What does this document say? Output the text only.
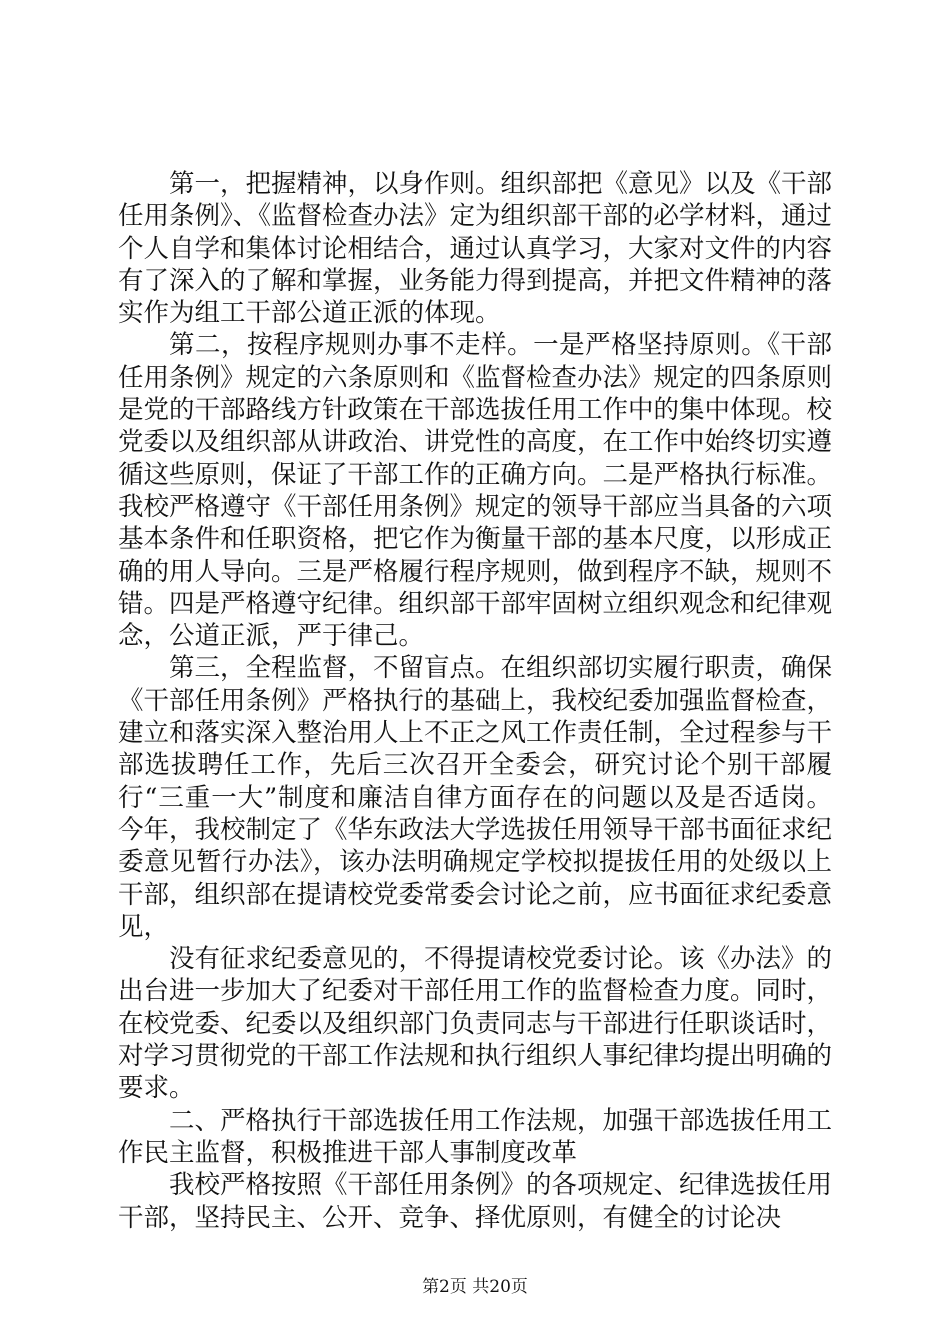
第一，把握精神，以身作则。组织部把《意见》以及《干部任用条例》、《监督检查办法》定为组织部干部的必学材料，通过个人自学和集体讨论相结合，通过认真学习，大家对文件的内容有了深入的了解和掌握，业务能力得到提高，并把文件精神的落实作为组工干部公道正派的体现。

第二，按程序规则办事不走样。一是严格坚持原则。《干部任用条例》规定的六条原则和《监督检查办法》规定的四条原则是党的干部路线方针政策在干部选拔任用工作中的集中体现。校党委以及组织部从讲政治、讲党性的高度，在工作中始终切实遵循这些原则，保证了干部工作的正确方向。二是严格执行标准。我校严格遵守《干部任用条例》规定的领导干部应当具备的六项基本条件和任职资格，把它作为衡量干部的基本尺度，以形成正确的用人导向。三是严格履行程序规则，做到程序不缺，规则不错。四是严格遵守纪律。组织部干部牢固树立组织观念和纪律观念，公道正派，严于律己。

第三，全程监督，不留盲点。在组织部切实履行职责，确保《干部任用条例》严格执行的基础上，我校纪委加强监督检查，建立和落实深入整治用人上不正之风工作责任制，全过程参与干部选拔聘任工作，先后三次召开全委会，研究讨论个别干部履行“三重一大”制度和廉洁自律方面存在的问题以及是否适岗。今年，我校制定了《华东政法大学选拔任用领导干部书面征求纪委意见暂行办法》，该办法明确规定学校拟提拔任用的处级以上干部，组织部在提请校党委常委会讨论之前，应书面征求纪委意见，

没有征求纪委意见的，不得提请校党委讨论。该《办法》的出台进一步加大了纪委对干部任用工作的监督检查力度。同时，在校党委、纪委以及组织部门负责同志与干部进行任职谈话时，对学习贯彻党的干部工作法规和执行组织人事纪律均提出明确的要求。

二、严格执行干部选拔任用工作法规，加强干部选拔任用工作民主监督，积极推进干部人事制度改革

我校严格按照《干部任用条例》的各项规定、纪律选拔任用干部，坚持民主、公开、竞争、择优原则，有健全的讨论决

第2页 共20页
